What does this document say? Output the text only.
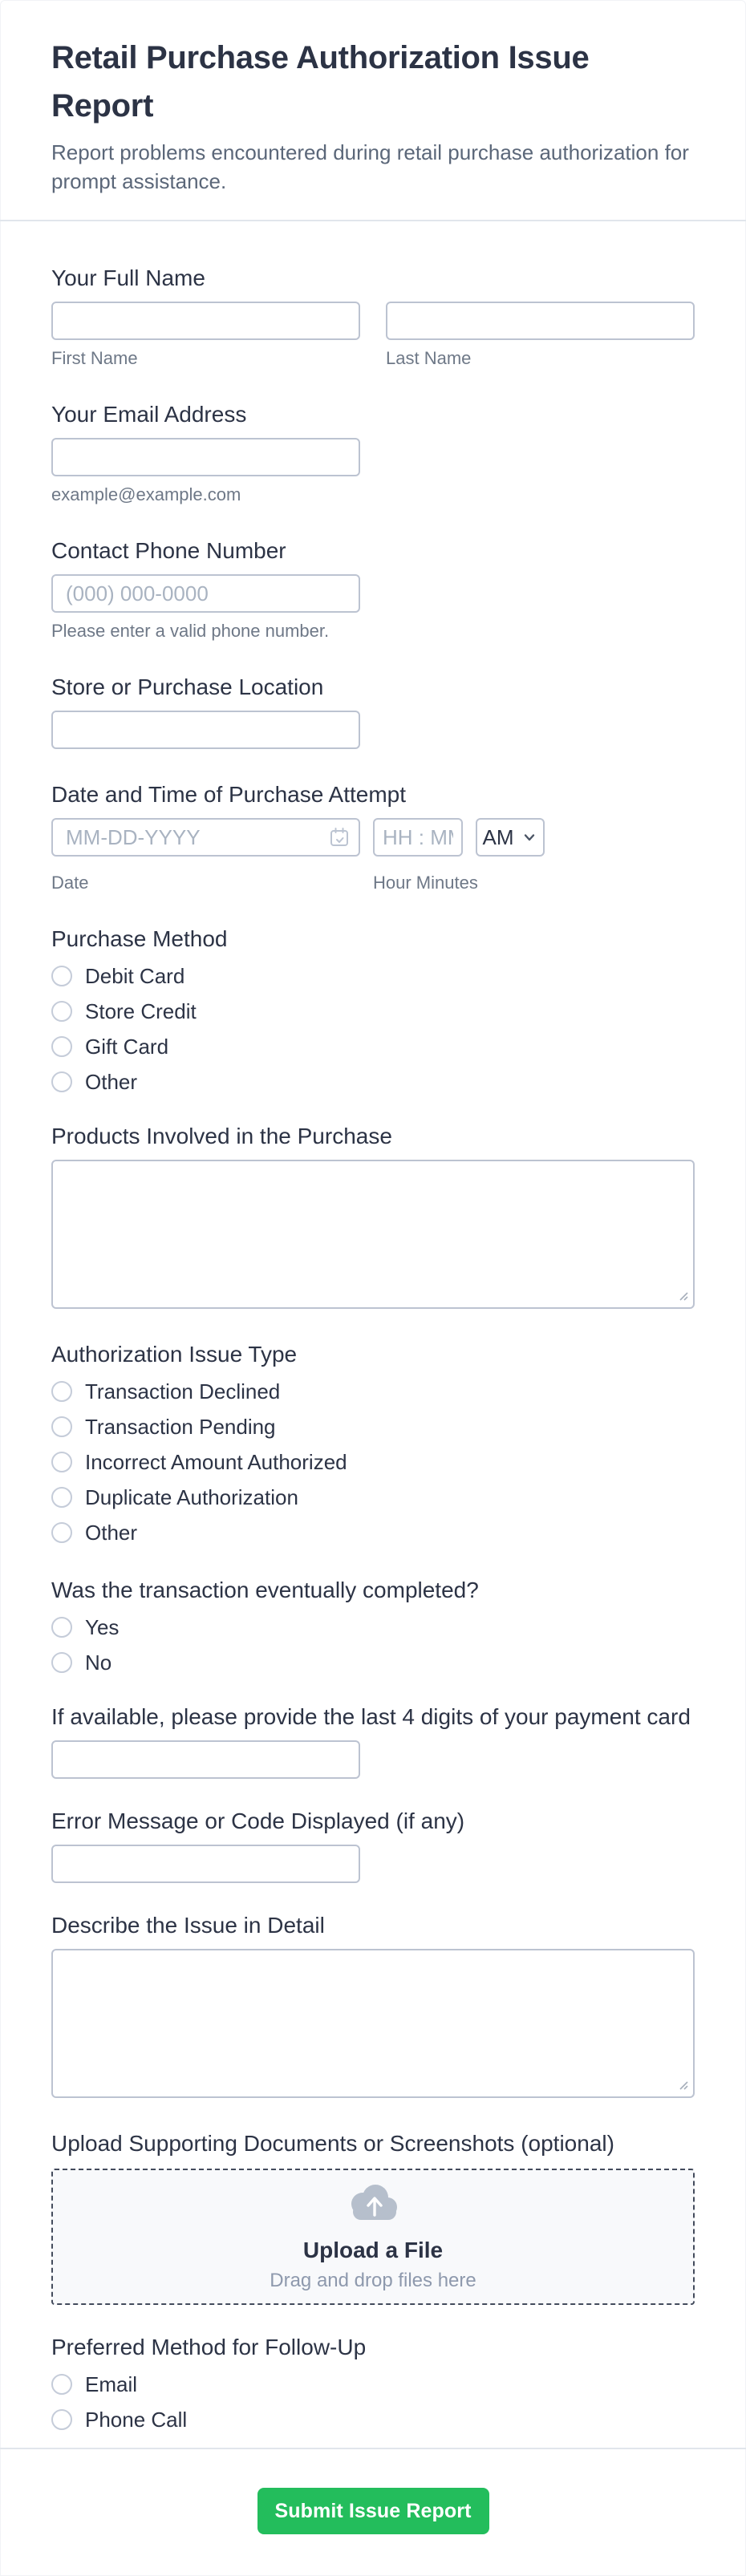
Retail Purchase Authorization Issue Report

Report problems encountered during retail purchase authorization for prompt assistance.

Your Full Name
First Name	Last Name
Your Email Address
example@example.com
Contact Phone Number
(000) 000-0000
Please enter a valid phone number.
Store or Purchase Location
Date and Time of Purchase Attempt
MM-DD-YYYY
HH : MM
AM
Date	Hour Minutes
Purchase Method
Debit Card
Store Credit
Gift Card
Other
Products Involved in the Purchase
Authorization Issue Type
Transaction Declined
Transaction Pending
Incorrect Amount Authorized
Duplicate Authorization
Other
Was the transaction eventually completed?
Yes
No
If available, please provide the last 4 digits of your payment card
Error Message or Code Displayed (if any)
Describe the Issue in Detail
Upload Supporting Documents or Screenshots (optional)
Upload a File
Drag and drop files here
Preferred Method for Follow-Up
Email
Phone Call
Submit Issue Report
